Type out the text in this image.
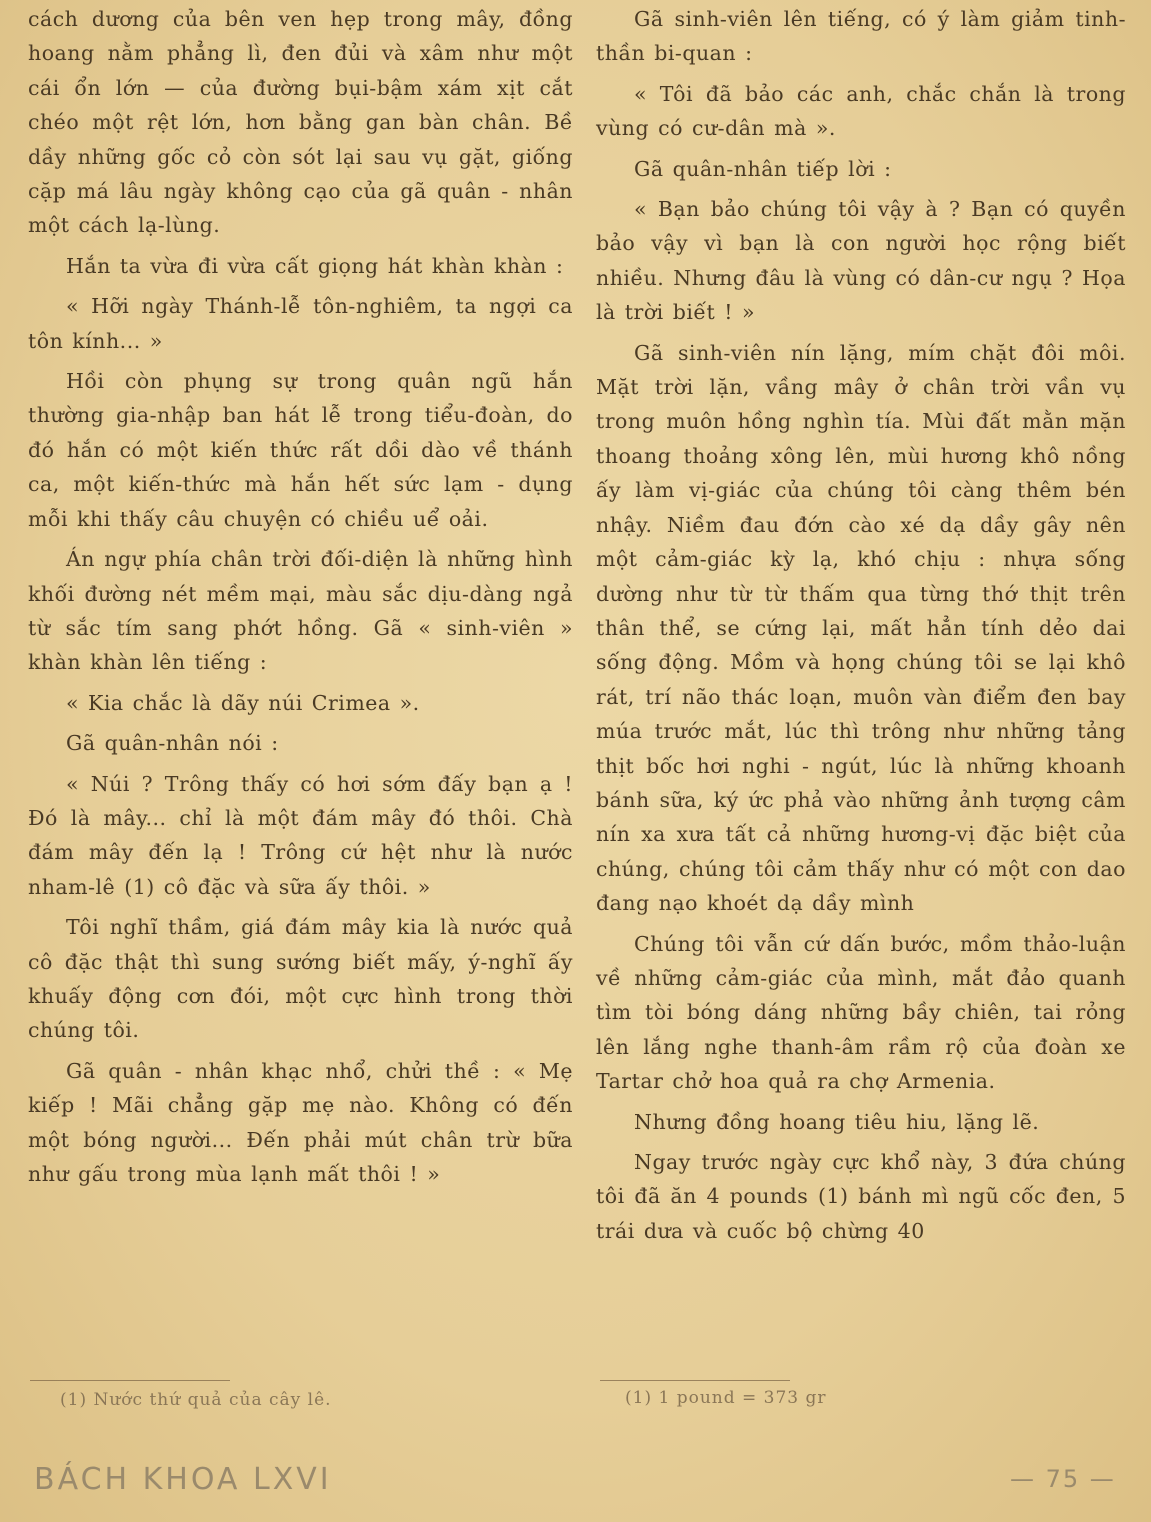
cách dương của bên ven hẹp trong mây, đồng hoang nằm phẳng lì, đen đủi và xâm như một cái ổn lớn — của đường bụi-bậm xám xịt cắt chéo một rệt lớn, hơn bằng gan bàn chân. Bề dầy những gốc cỏ còn sót lại sau vụ gặt, giống cặp má lâu ngày không cạo của gã quân - nhân một cách lạ-lùng.

Hắn ta vừa đi vừa cất giọng hát khàn khàn :

« Hỡi ngày Thánh-lễ tôn-nghiêm, ta ngợi ca tôn kính... »

Hồi còn phụng sự trong quân ngũ hắn thường gia-nhập ban hát lễ trong tiểu-đoàn, do đó hắn có một kiến thức rất dồi dào về thánh ca, một kiến-thức mà hắn hết sức lạm - dụng mỗi khi thấy câu chuyện có chiều uể oải.

Án ngự phía chân trời đối-diện là những hình khối đường nét mềm mại, màu sắc dịu-dàng ngả từ sắc tím sang phớt hồng. Gã « sinh-viên » khàn khàn lên tiếng :

« Kia chắc là dãy núi Crimea ».

Gã quân-nhân nói :

« Núi ? Trông thấy có hơi sớm đấy bạn ạ ! Đó là mây... chỉ là một đám mây đó thôi. Chà đám mây đến lạ ! Trông cứ hệt như là nước nham-lê (1) cô đặc và sữa ấy thôi. »

Tôi nghĩ thầm, giá đám mây kia là nước quả cô đặc thật thì sung sướng biết mấy, ý-nghĩ ấy khuấy động cơn đói, một cực hình trong thời chúng tôi.

Gã quân - nhân khạc nhổ, chửi thề : « Mẹ kiếp ! Mãi chẳng gặp mẹ nào. Không có đến một bóng người... Đến phải mút chân trừ bữa như gấu trong mùa lạnh mất thôi ! »

(1) Nước thứ quả của cây lê.

Gã sinh-viên lên tiếng, có ý làm giảm tinh-thần bi-quan :

« Tôi đã bảo các anh, chắc chắn là trong vùng có cư-dân mà ».

Gã quân-nhân tiếp lời :

« Bạn bảo chúng tôi vậy à ? Bạn có quyền bảo vậy vì bạn là con người học rộng biết nhiều. Nhưng đâu là vùng có dân-cư ngụ ? Họa là trời biết ! »

Gã sinh-viên nín lặng, mím chặt đôi môi. Mặt trời lặn, vầng mây ở chân trời vần vụ trong muôn hồng nghìn tía. Mùi đất mằn mặn thoang thoảng xông lên, mùi hương khô nồng ấy làm vị-giác của chúng tôi càng thêm bén nhậy. Niềm đau đớn cào xé dạ dầy gây nên một cảm-giác kỳ lạ, khó chịu : nhựa sống dường như từ từ thấm qua từng thớ thịt trên thân thể, se cứng lại, mất hẳn tính dẻo dai sống động. Mồm và họng chúng tôi se lại khô rát, trí não thác loạn, muôn vàn điểm đen bay múa trước mắt, lúc thì trông như những tảng thịt bốc hơi nghi - ngút, lúc là những khoanh bánh sữa, ký ức phả vào những ảnh tượng câm nín xa xưa tất cả những hương-vị đặc biệt của chúng, chúng tôi cảm thấy như có một con dao đang nạo khoét dạ dầy mình

Chúng tôi vẫn cứ dấn bước, mồm thảo-luận về những cảm-giác của mình, mắt đảo quanh tìm tòi bóng dáng những bầy chiên, tai rỏng lên lắng nghe thanh-âm rầm rộ của đoàn xe Tartar chở hoa quả ra chợ Armenia.

Nhưng đồng hoang tiêu hiu, lặng lẽ.

Ngay trước ngày cực khổ này, 3 đứa chúng tôi đã ăn 4 pounds (1) bánh mì ngũ cốc đen, 5 trái dưa và cuốc bộ chừng 40

(1) 1 pound = 373 gr
BÁCH KHOA LXVI	— 75 —
